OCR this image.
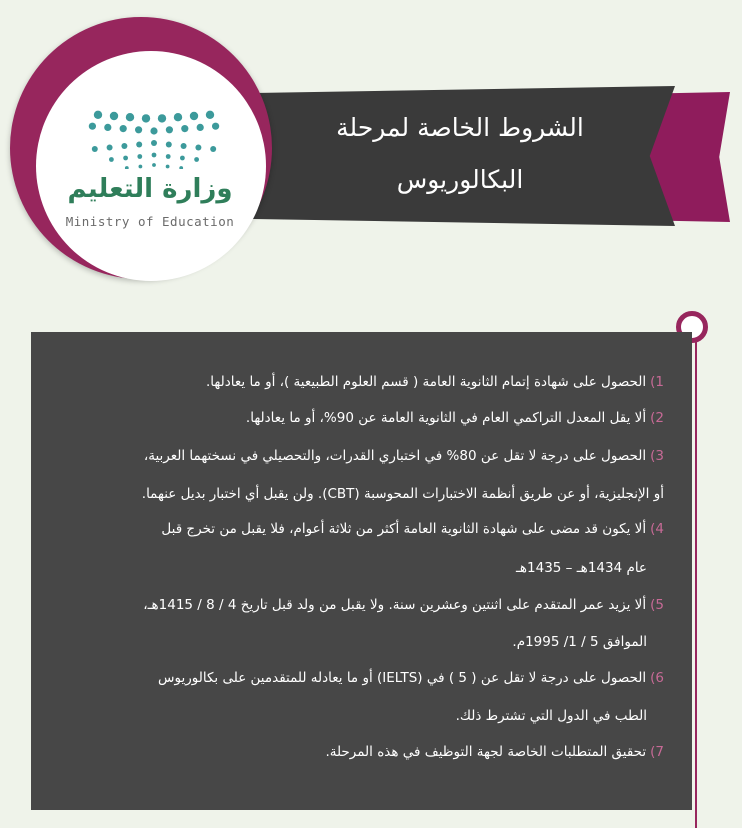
الشروط الخاصة لمرحلة
البكالوريوس
وزارة التعليم
Ministry of Education
1)الحصول على شهادة إتمام الثانوية العامة ( قسم العلوم الطبيعية )، أو ما يعادلها.
2)ألا يقل المعدل التراكمي العام في الثانوية العامة عن 90%، أو ما يعادلها.
3)الحصول على درجة لا تقل عن 80% في اختباري القدرات، والتحصيلي في نسختهما العربية،
أو الإنجليزية، أو عن طريق أنظمة الاختبارات المحوسبة (CBT). ولن يقبل أي اختبار بديل عنهما.
4)ألا يكون قد مضى على شهادة الثانوية العامة أكثر من ثلاثة أعوام، فلا يقبل من تخرج قبل
عام 1434هـ – 1435هـ
5)ألا يزيد عمر المتقدم على اثنتين وعشرين سنة. ولا يقبل من ولد قبل تاريخ 4 / 8 / 1415هـ،
الموافق 5 / 1/ 1995م.
6)الحصول على درجة لا تقل عن ( 5 ) في (IELTS) أو ما يعادله للمتقدمين على بكالوريوس
الطب في الدول التي تشترط ذلك.
7)تحقيق المتطلبات الخاصة لجهة التوظيف في هذه المرحلة.
